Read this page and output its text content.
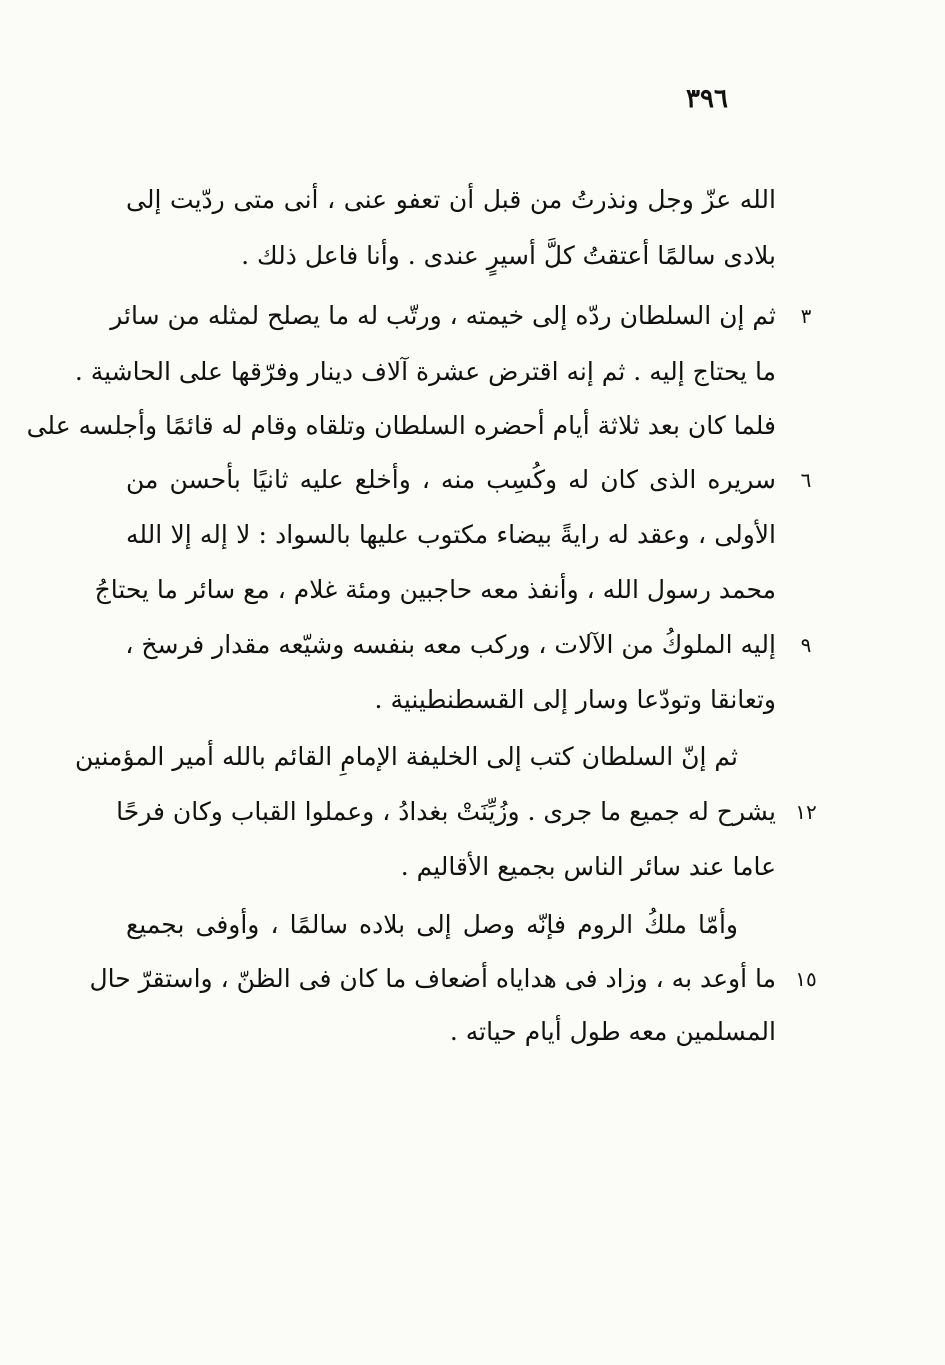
٣٩٦
الله عزّ وجل ونذرتُ من قبل أن تعفو عنى ، أنى متى ردّيت إلى
بلادى سالمًا أعتقتُ كلَّ أسيرٍ عندى . وأنا فاعل ذلك .
٣
ثم إن السلطان ردّه إلى خيمته ، ورتّب له ما يصلح لمثله من سائر
ما يحتاج إليه . ثم إنه اقترض عشرة آلاف دينار وفرّقها على الحاشية .
فلما كان بعد ثلاثة أيام أحضره السلطان وتلقاه وقام له قائمًا وأجلسه على
٦
سريره الذى كان له وكُسِب منه ، وأخلع عليه ثانيًا بأحسن من
الأولى ، وعقد له رايةً بيضاء مكتوب عليها بالسواد : لا إله إلا الله
محمد رسول الله ، وأنفذ معه حاجبين ومئة غلام ، مع سائر ما يحتاجُ
٩
إليه الملوكُ من الآلات ، وركب معه بنفسه وشيّعه مقدار فرسخ ،
وتعانقا وتودّعا وسار إلى القسطنطينية .
ثم إنّ السلطان كتب إلى الخليفة الإمامِ القائم بالله أمير المؤمنين
١٢
يشرح له جميع ما جرى . وزُيِّنَتْ بغدادُ ، وعملوا القباب وكان فرحًا
عاما عند سائر الناس بجميع الأقاليم .
وأمّا ملكُ الروم فإنّه وصل إلى بلاده سالمًا ، وأوفى بجميع
١٥
ما أوعد به ، وزاد فى هداياه أضعاف ما كان فى الظنّ ، واستقرّ حال
المسلمين معه طول أيام حياته .
